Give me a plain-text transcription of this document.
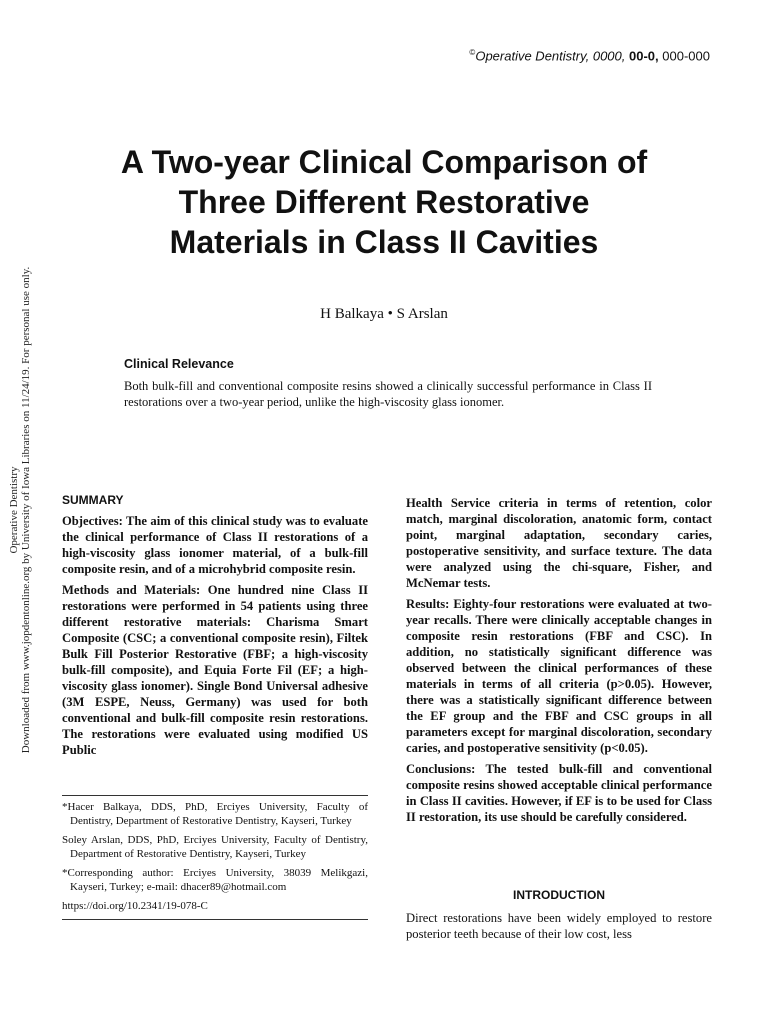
©Operative Dentistry, 0000, 00-0, 000-000
Operative Dentistry Downloaded from www.jopdentonline.org by University of Iowa Libraries on 11/24/19. For personal use only.
A Two-year Clinical Comparison of
Three Different Restorative
Materials in Class II Cavities
H Balkaya • S Arslan
Clinical Relevance
Both bulk-fill and conventional composite resins showed a clinically successful performance in Class II restorations over a two-year period, unlike the high-viscosity glass ionomer.
SUMMARY

Objectives: The aim of this clinical study was to evaluate the clinical performance of Class II restorations of a high-viscosity glass ionomer material, of a bulk-fill composite resin, and of a microhybrid composite resin.

Methods and Materials: One hundred nine Class II restorations were performed in 54 patients using three different restorative materials: Charisma Smart Composite (CSC; a conventional composite resin), Filtek Bulk Fill Posterior Restorative (FBF; a high-viscosity bulk-fill composite), and Equia Forte Fil (EF; a high-viscosity glass ionomer). Single Bond Universal adhesive (3M ESPE, Neuss, Germany) was used for both conventional and bulk-fill composite resin restorations. The restorations were evaluated using modified US Public

*Hacer Balkaya, DDS, PhD, Erciyes University, Faculty of Dentistry, Department of Restorative Dentistry, Kayseri, Turkey
Soley Arslan, DDS, PhD, Erciyes University, Faculty of Dentistry, Department of Restorative Dentistry, Kayseri, Turkey
*Corresponding author: Erciyes University, 38039 Melikgazi, Kayseri, Turkey; e-mail: dhacer89@hotmail.com
https://doi.org/10.2341/19-078-C

Health Service criteria in terms of retention, color match, marginal discoloration, anatomic form, contact point, marginal adaptation, secondary caries, postoperative sensitivity, and surface texture. The data were analyzed using the chi-square, Fisher, and McNemar tests.

Results: Eighty-four restorations were evaluated at two-year recalls. There were clinically acceptable changes in composite resin restorations (FBF and CSC). In addition, no statistically significant difference was observed between the clinical performances of these materials in terms of all criteria (p>0.05). However, there was a statistically significant difference between the EF group and the FBF and CSC groups in all parameters except for marginal discoloration, secondary caries, and postoperative sensitivity (p<0.05).

Conclusions: The tested bulk-fill and conventional composite resins showed acceptable clinical performance in Class II cavities. However, if EF is to be used for Class II restoration, its use should be carefully considered.

INTRODUCTION
Direct restorations have been widely employed to restore posterior teeth because of their low cost, less
